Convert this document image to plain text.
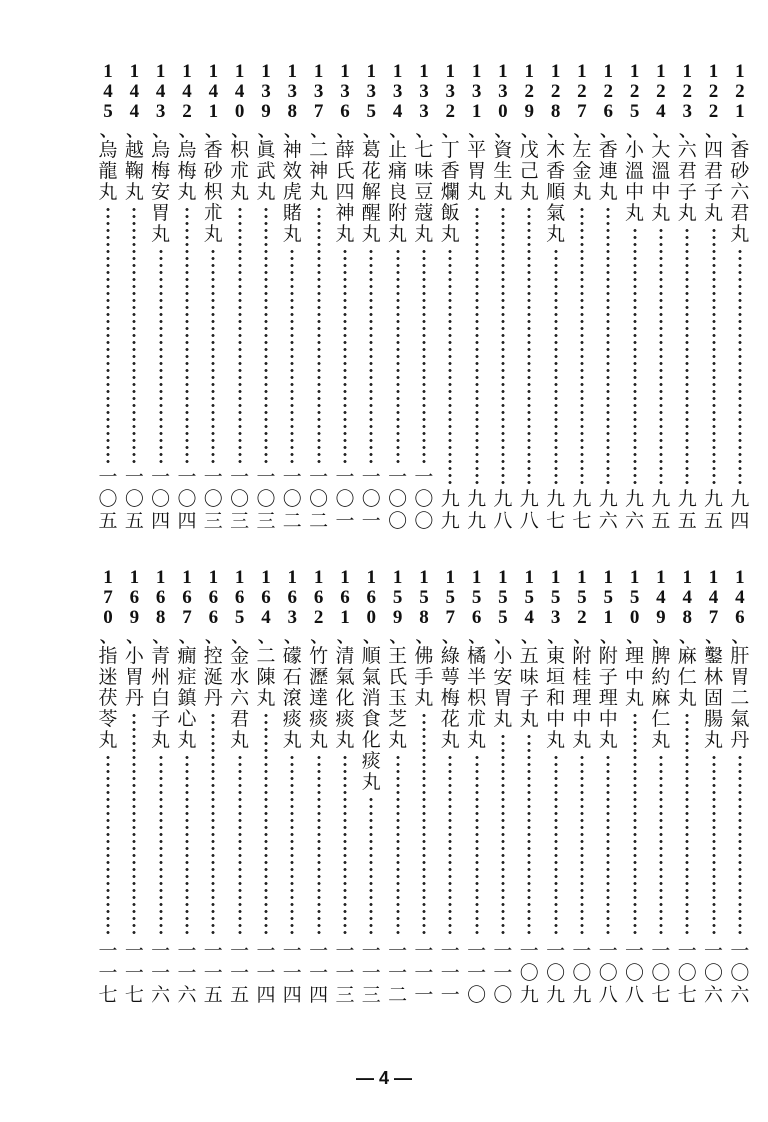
1
2
1
、
香
砂
六
君
丸
九
四
1
2
2
、
四
君
子
丸
九
五
1
2
3
、
六
君
子
丸
九
五
1
2
4
、
大
溫
中
丸
九
五
1
2
5
、
小
溫
中
丸
九
六
1
2
6
、
香
連
丸
九
六
1
2
7
、
左
金
丸
九
七
1
2
8
、
木
香
順
氣
丸
九
七
1
2
9
、
戊
己
丸
九
八
1
3
0
、
資
生
丸
九
八
1
3
1
、
平
胃
丸
九
九
1
3
2
、
丁
香
爛
飯
丸
九
九
1
3
3
、
七
味
豆
蔻
丸
一
〇
〇
1
3
4
、
止
痛
良
附
丸
一
〇
〇
1
3
5
、
葛
花
解
醒
丸
一
〇
一
1
3
6
、
薛
氏
四
神
丸
一
〇
一
1
3
7
、
二
神
丸
一
〇
二
1
3
8
、
神
效
虎
賭
丸
一
〇
二
1
3
9
、
眞
武
丸
一
〇
三
1
4
0
、
枳
朮
丸
一
〇
三
1
4
1
、
香
砂
枳
朮
丸
一
〇
三
1
4
2
、
烏
梅
丸
一
〇
四
1
4
3
、
烏
梅
安
胃
丸
一
〇
四
1
4
4
、
越
鞠
丸
一
〇
五
1
4
5
、
烏
龍
丸
一
〇
五
1
4
6
、
肝
胃
二
氣
丹
一
〇
六
1
4
7
、
鑿
林
固
腸
丸
一
〇
六
1
4
8
、
麻
仁
丸
一
〇
七
1
4
9
、
脾
約
麻
仁
丸
一
〇
七
1
5
0
、
理
中
丸
一
〇
八
1
5
1
、
附
子
理
中
丸
一
〇
八
1
5
2
、
附
桂
理
中
丸
一
〇
九
1
5
3
、
東
垣
和
中
丸
一
〇
九
1
5
4
、
五
味
子
丸
一
〇
九
1
5
5
、
小
安
胃
丸
一
一
〇
1
5
6
、
橘
半
枳
朮
丸
一
一
〇
1
5
7
、
綠
萼
梅
花
丸
一
一
一
1
5
8
、
佛
手
丸
一
一
一
1
5
9
、
王
氏
玉
芝
丸
一
一
二
1
6
0
、
順
氣
消
食
化
痰
丸
一
一
三
1
6
1
、
清
氣
化
痰
丸
一
一
三
1
6
2
、
竹
瀝
達
痰
丸
一
一
四
1
6
3
、
礞
石
滾
痰
丸
一
一
四
1
6
4
、
二
陳
丸
一
一
四
1
6
5
、
金
水
六
君
丸
一
一
五
1
6
6
、
控
涎
丹
一
一
五
1
6
7
、
癇
症
鎮
心
丸
一
一
六
1
6
8
、
青
州
白
子
丸
一
一
六
1
6
9
、
小
胃
丹
一
一
七
1
7
0
、
指
迷
茯
苓
丸
一
一
七
— 4 —
